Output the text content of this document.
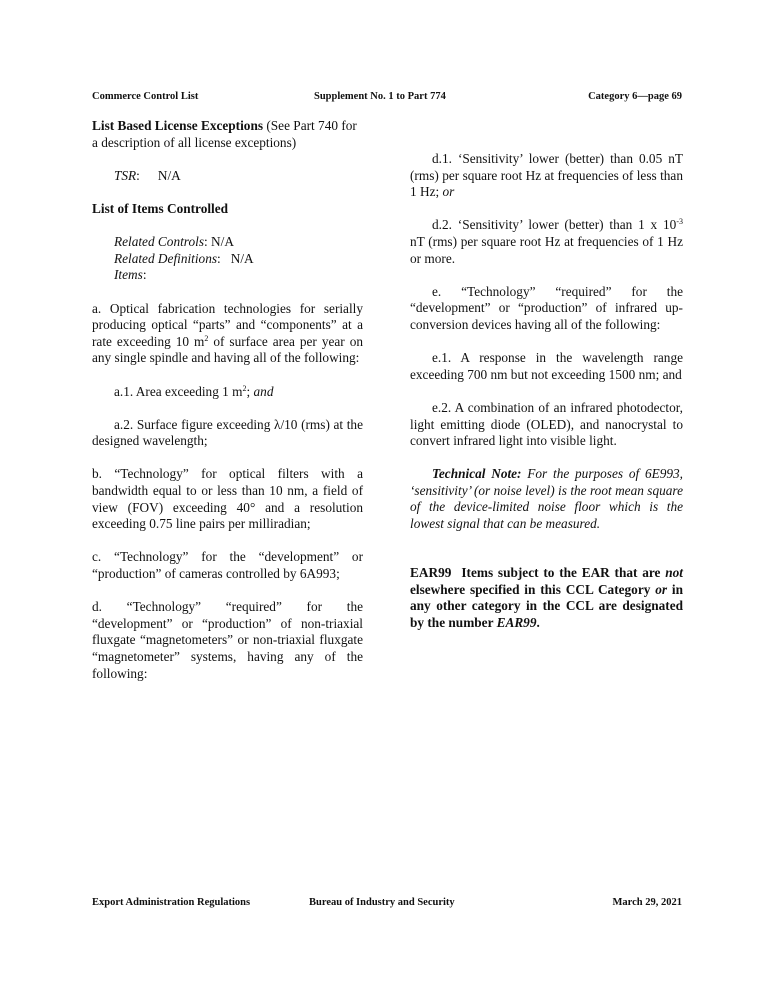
Commerce Control List	Supplement No. 1 to Part 774	Category 6—page 69

List Based License Exceptions (See Part 740 for a description of all license exceptions)

TSR: N/A

List of Items Controlled

Related Controls: N/A
Related Definitions:   N/A
Items:

a. Optical fabrication technologies for serially producing optical “parts” and “components” at a rate exceeding 10 $m^2$ of surface area per year on any single spindle and having all of the following:

a.1. Area exceeding 1 $m^2$; and

a.2. Surface figure exceeding λ/10 (rms) at the designed wavelength;

b. “Technology” for optical filters with a bandwidth equal to or less than 10 nm, a field of view (FOV) exceeding 40° and a resolution exceeding 0.75 line pairs per milliradian;

c. “Technology” for the “development” or “production” of cameras controlled by 6A993;

d. “Technology” “required” for the “development” or “production” of non-triaxial fluxgate “magnetometers” or non-triaxial fluxgate “magnetometer” systems, having any of the following:

d.1. ‘Sensitivity’ lower (better) than 0.05 nT (rms) per square root Hz at frequencies of less than 1 Hz; or

d.2. ‘Sensitivity’ lower (better) than 1 x $10^{-3}$ nT (rms) per square root Hz at frequencies of 1 Hz or more.

e. “Technology” “required” for the “development” or “production” of infrared up-conversion devices having all of the following:

e.1. A response in the wavelength range exceeding 700 nm but not exceeding 1500 nm; and

e.2. A combination of an infrared photodector, light emitting diode (OLED), and nanocrystal to convert infrared light into visible light.

Technical Note: For the purposes of 6E993, ‘sensitivity’ (or noise level) is the root mean square of the device-limited noise floor which is the lowest signal that can be measured.

EAR99 Items subject to the EAR that are not elsewhere specified in this CCL Category or in any other category in the CCL are designated by the number EAR99.

Export Administration Regulations	Bureau of Industry and Security	March 29, 2021
